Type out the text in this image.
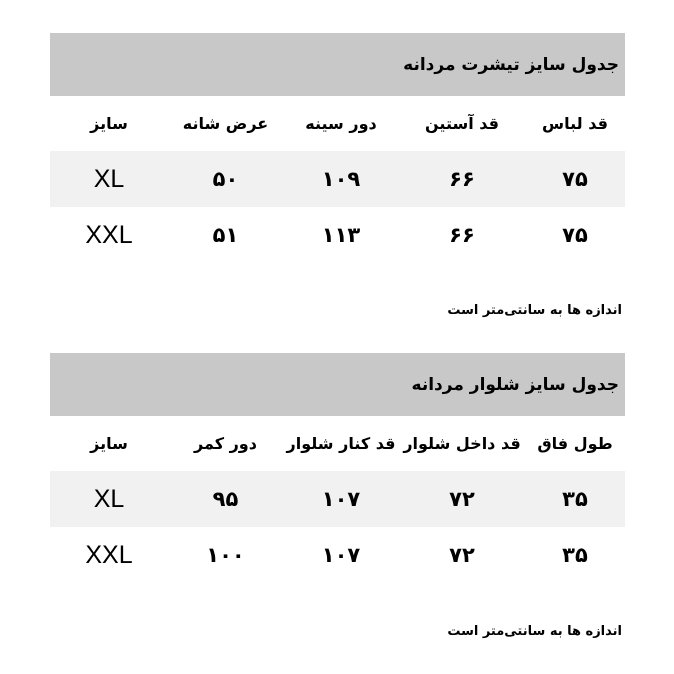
جدول سایز تیشرت مردانه
قد لباس
قد آستین
دور سینه
عرض شانه
سایز
۷۵
۶۶
۱۰۹
۵۰
XL
۷۵
۶۶
۱۱۳
۵۱
XXL
اندازه ها به سانتی‌متر است
جدول سایز شلوار مردانه
طول فاق
قد داخل شلوار
قد کنار شلوار
دور کمر
سایز
۳۵
۷۲
۱۰۷
۹۵
XL
۳۵
۷۲
۱۰۷
۱۰۰
XXL
اندازه ها به سانتی‌متر است
